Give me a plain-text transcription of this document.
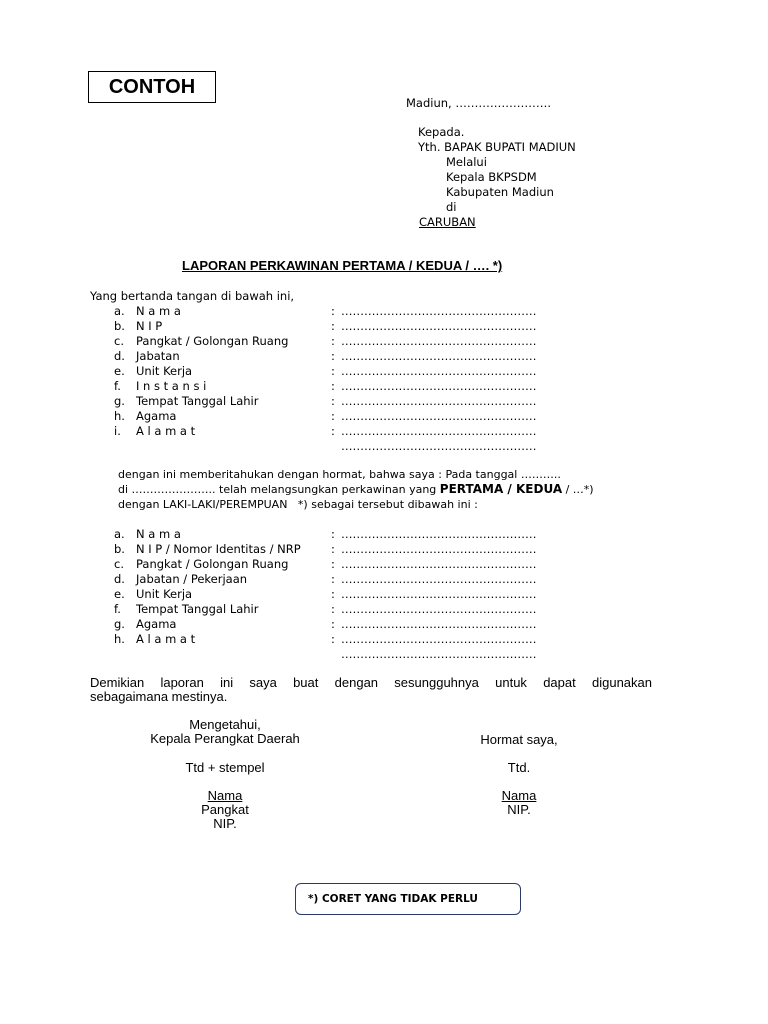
CONTOH
Madiun, …………………….
Kepada.
Yth. BAPAK BUPATI MADIUN
Melalui
Kepala BKPSDM
Kabupaten Madiun
di
CARUBAN
LAPORAN PERKAWINAN PERTAMA / KEDUA / …. *)
Yang bertanda tangan di bawah ini,
a. N a m a	: ……………………………………………
b. N I P	: ……………………………………………
c. Pangkat / Golongan Ruang	: ……………………………………………
d. Jabatan	: ……………………………………………
e. Unit Kerja	: ……………………………………………
f. I n s t a n s i	: ……………………………………………
g. Tempat Tanggal Lahir	: ……………………………………………
h. Agama	: ……………………………………………
i. A l a m a t	: ……………………………………………
……………………………………………
dengan ini memberitahukan dengan hormat, bahwa saya : Pada tanggal ………..
di ………………….. telah melangsungkan perkawinan yang PERTAMA / KEDUA / …*)
dengan LAKI-LAKI/PEREMPUAN *) sebagai tersebut dibawah ini :
a. N a m a	: ……………………………………………
b. N I P / Nomor Identitas / NRP	: ……………………………………………
c. Pangkat / Golongan Ruang	: ……………………………………………
d. Jabatan / Pekerjaan	: ……………………………………………
e. Unit Kerja	: ……………………………………………
f. Tempat Tanggal Lahir	: ……………………………………………
g. Agama	: ……………………………………………
h. A l a m a t	: ……………………………………………
……………………………………………
Demikian laporan ini saya buat dengan sesungguhnya untuk dapat digunakan
sebagaimana mestinya.
Mengetahui,
Kepala Perangkat Daerah
Ttd + stempel
Nama
Pangkat
NIP.
Hormat saya,
Ttd.
Nama
NIP.
*) CORET YANG TIDAK PERLU
